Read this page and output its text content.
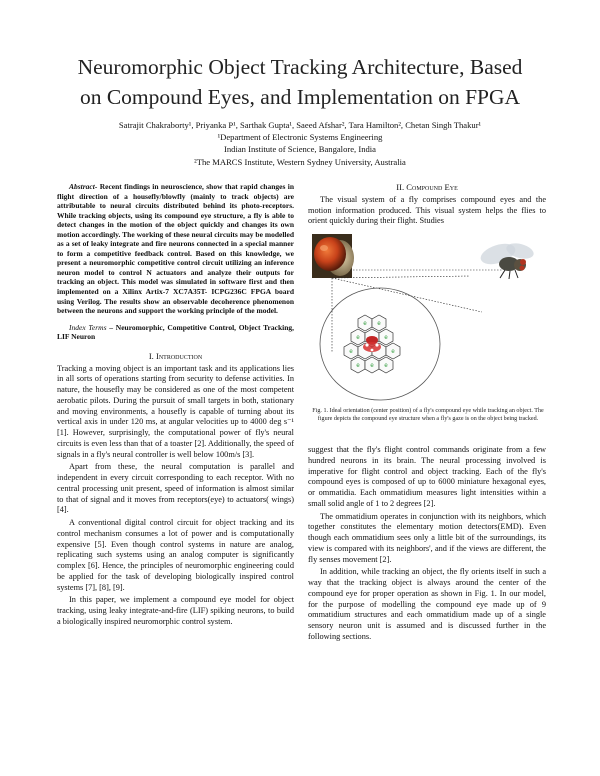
Neuromorphic Object Tracking Architecture, Based
on Compound Eyes, and Implementation on FPGA
Satrajit Chakraborty¹, Priyanka P¹, Sarthak Gupta¹, Saeed Afshar², Tara Hamilton², Chetan Singh Thakur¹
¹Department of Electronic Systems Engineering
Indian Institute of Science, Bangalore, India
²The MARCS Institute, Western Sydney University, Australia

Abstract- Recent findings in neuroscience, show that rapid changes in flight direction of a housefly/blowfly (mainly to track objects) are attributable to neural circuits distributed behind its photo-receptors. While tracking objects, using its compound eye structure, a fly is able to detect changes in the motion of the object quickly and changes its own motion accordingly. The working of these neural circuits may be modelled as a set of leaky integrate and fire neurons connected in a special manner to form a competitive feedback control. Based on this knowledge, we present a neuromorphic competitive control circuit utilizing an inference neuron model to control N actuators and analyze their outputs for tracking an object. This model was simulated in software first and then implemented on a Xilinx Artix-7 XC7A35T- ICPG236C FPGA board using Verilog. The results show an observable decoherence phenomenon between the neurons and support the working principle of the model.

Index Terms – Neuromorphic, Competitive Control, Object Tracking, LIF Neuron

I. Introduction

Tracking a moving object is an important task and its applications lies in all sorts of operations starting from security to defense activities. In nature, the housefly may be considered as one of the most competent aerobatic pilots. During the pursuit of small targets in both, stationary and moving environments, a housefly is capable of turning about its vertical axis in under 120 ms, at angular velocities up to 4000 deg s⁻¹ [1]. However, surprisingly, the computational power of fly's neural circuits is even less than that of a toaster [2]. Additionally, the speed of signals in a fly's neural controller is well below 100m/s [3].

Apart from these, the neural computation is parallel and independent in every circuit corresponding to each receptor. With no central processing unit present, speed of information is almost similar to that of signal and it moves from receptors(eye) to actuators( wings) [4].

A conventional digital control circuit for object tracking and its control mechanism consumes a lot of power and is computationally expensive [5]. Even though control systems in nature are analog, replicating such systems using an analog computer is significantly complex [6]. Hence, the principles of neuromorphic engineering could be applied for the task of developing biologically inspired control systems [7], [8], [9].

In this paper, we implement a compound eye model for object tracking, using leaky integrate-and-fire (LIF) spiking neurons, to build a biologically inspired neuromorphic control system.

II. Compound Eye

The visual system of a fly comprises compound eyes and the motion information produced. This visual system helps the flies to orient quickly during their flight. Studies

e e
e	e
e	e
e e e
Fig. 1. Ideal orientation (center position) of a fly's compound eye while tracking an object. The figure depicts the compound eye structure when a fly's gaze is on the object being tracked.

suggest that the fly's flight control commands originate from a few hundred neurons in its brain. The neural processing involved is imperative for flight control and object tracking. Each of the fly's compound eyes is composed of up to 6000 miniature hexagonal eyes, or ommatidia. Each ommatidium measures light intensities within a small solid angle of 1 to 2 degrees [2].

The ommatidium operates in conjunction with its neighbors, which together constitutes the elementary motion detectors(EMD). Even though each ommatidium sees only a little bit of the surroundings, its view is compared with its neighbors', and if the views are different, the fly senses movement [2].

In addition, while tracking an object, the fly orients itself in such a way that the tracking object is always around the center of the compound eye for proper operation as shown in Fig. 1. In our model, for the purpose of modelling the compound eye made up of 9 ommatidium structures and each ommatidium made up of a single sensory neuron unit is assumed and is discussed further in the following sections.
